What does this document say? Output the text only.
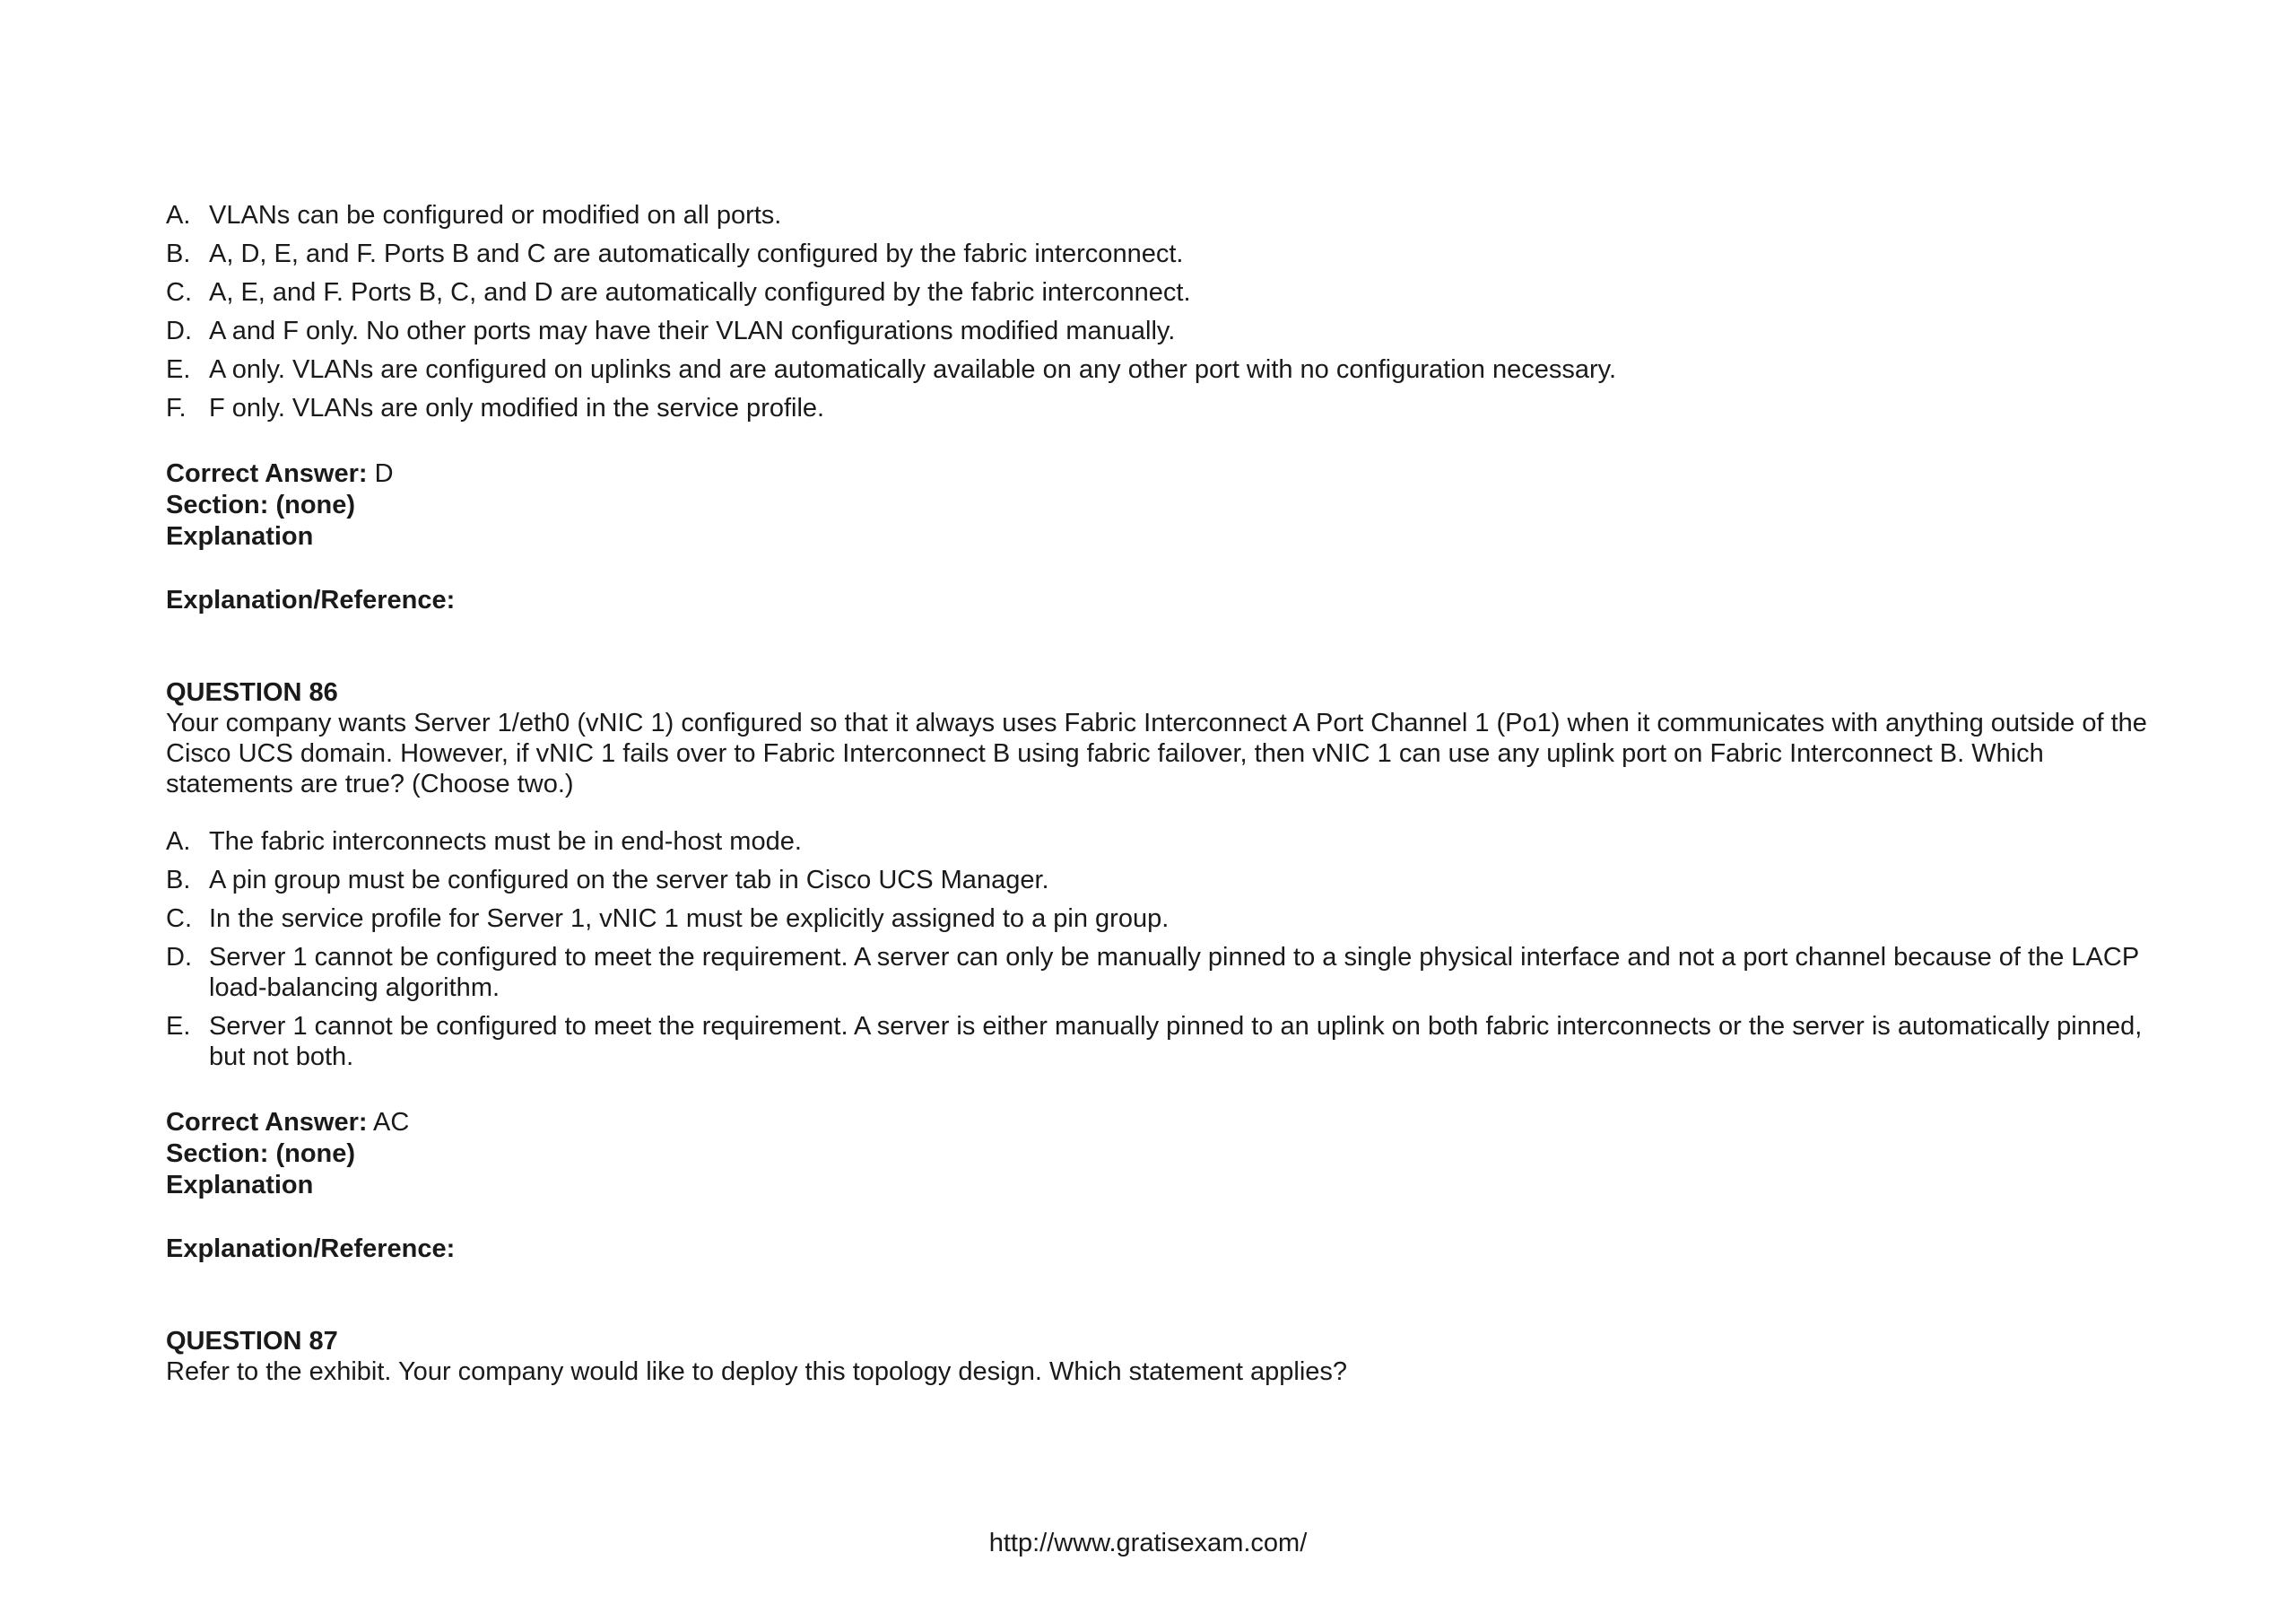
A. VLANs can be configured or modified on all ports.
B. A, D, E, and F. Ports B and C are automatically configured by the fabric interconnect.
C. A, E, and F. Ports B, C, and D are automatically configured by the fabric interconnect.
D. A and F only. No other ports may have their VLAN configurations modified manually.
E. A only. VLANs are configured on uplinks and are automatically available on any other port with no configuration necessary.
F. F only. VLANs are only modified in the service profile.

Correct Answer: D

Section: (none)

Explanation

Explanation/Reference:

QUESTION 86

Your company wants Server 1/eth0 (vNIC 1) configured so that it always uses Fabric Interconnect A Port Channel 1 (Po1) when it communicates with anything outside of the Cisco UCS domain. However, if vNIC 1 fails over to Fabric Interconnect B using fabric failover, then vNIC 1 can use any uplink port on Fabric Interconnect B. Which statements are true? (Choose two.)

A. The fabric interconnects must be in end-host mode.
B. A pin group must be configured on the server tab in Cisco UCS Manager.
C. In the service profile for Server 1, vNIC 1 must be explicitly assigned to a pin group.
D. Server 1 cannot be configured to meet the requirement. A server can only be manually pinned to a single physical interface and not a port channel because of the LACP load-balancing algorithm.
E. Server 1 cannot be configured to meet the requirement. A server is either manually pinned to an uplink on both fabric interconnects or the server is automatically pinned, but not both.

Correct Answer: AC

Section: (none)

Explanation

Explanation/Reference:

QUESTION 87

Refer to the exhibit. Your company would like to deploy this topology design. Which statement applies?

http://www.gratisexam.com/
